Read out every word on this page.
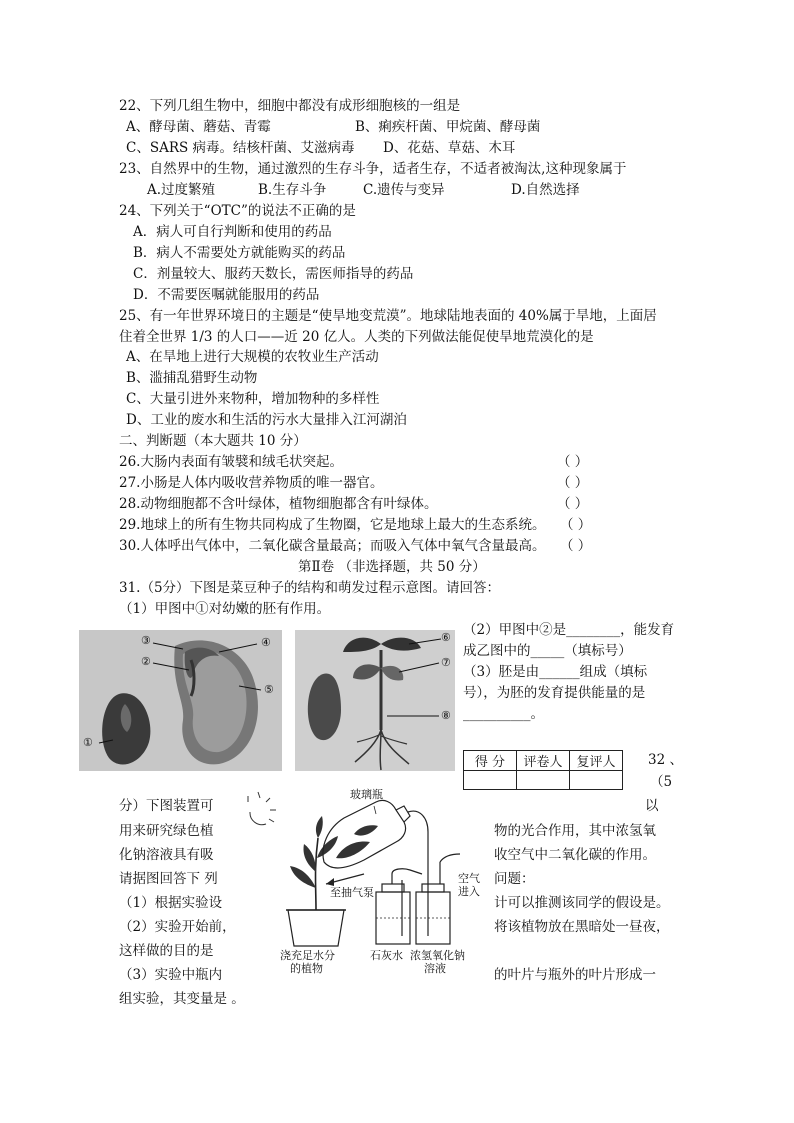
22、下列几组生物中，细胞中都没有成形细胞核的一组是
A、酵母菌、蘑菇、青霉	B、痢疾杆菌、甲烷菌、酵母菌
C、SARS 病毒。结核杆菌、艾滋病毒 D、花菇、草菇、木耳
23、自然界中的生物，通过激烈的生存斗争，适者生存，不适者被淘汰,这种现象属于
A.过度繁殖	B.生存斗争	C.遗传与变异	D.自然选择
24、下列关于“OTC”的说法不正确的是
A．病人可自行判断和使用的药品
B．病人不需要处方就能购买的药品
C．剂量较大、服药天数长，需医师指导的药品
D．不需要医嘱就能服用的药品
25、有一年世界环境日的主题是“使旱地变荒漠”。地球陆地表面的 40%属于旱地，上面居
住着全世界 1/3 的人口——近 20 亿人。人类的下列做法能促使旱地荒漠化的是
A、在旱地上进行大规模的农牧业生产活动
B、滥捕乱猎野生动物
C、大量引进外来物种，增加物种的多样性
D、工业的废水和生活的污水大量排入江河湖泊
二、判断题（本大题共 10 分）
26.大肠内表面有皱襞和绒毛状突起。	（ ）
27.小肠是人体内吸收营养物质的唯一器官。	（ ）
28.动物细胞都不含叶绿体，植物细胞都含有叶绿体。	（ ）
29.地球上的所有生物共同构成了生物圈，它是地球上最大的生态系统。 （ ）
30.人体呼出气体中，二氧化碳含量最高；而吸入气体中氧气含量最高。 （ ）
第Ⅱ卷 （非选择题，共 50 分）
31.（5分）下图是菜豆种子的结构和萌发过程示意图。请回答：
（1）甲图中①对幼嫩的胚有作用。
（2）甲图中②是________，能发育
成乙图中的_____（填标号）
（3）胚是由______组成（填标
号），为胚的发育提供能量的是
__________。
③
②
④
⑤
①
⑥
⑦
⑧
得 分	评卷人	复评人
		32 、
（5
分）下图装置可	以
用来研究绿色植	物的光合作用，其中浓氢氧
化钠溶液具有吸	收空气中二氧化碳的作用。
请据图回答下 列	问题：
（1）根据实验设	计可以推测该同学的假设是。
（2）实验开始前，	将该植物放在黑暗处一昼夜，
这样做的目的是
（3）实验中瓶内	的叶片与瓶外的叶片形成一
组实验，其变量是 。
玻璃瓶
至抽气泵
空气
进入
浇充足水分
的植物
石灰水 浓氢氧化钠
溶液
